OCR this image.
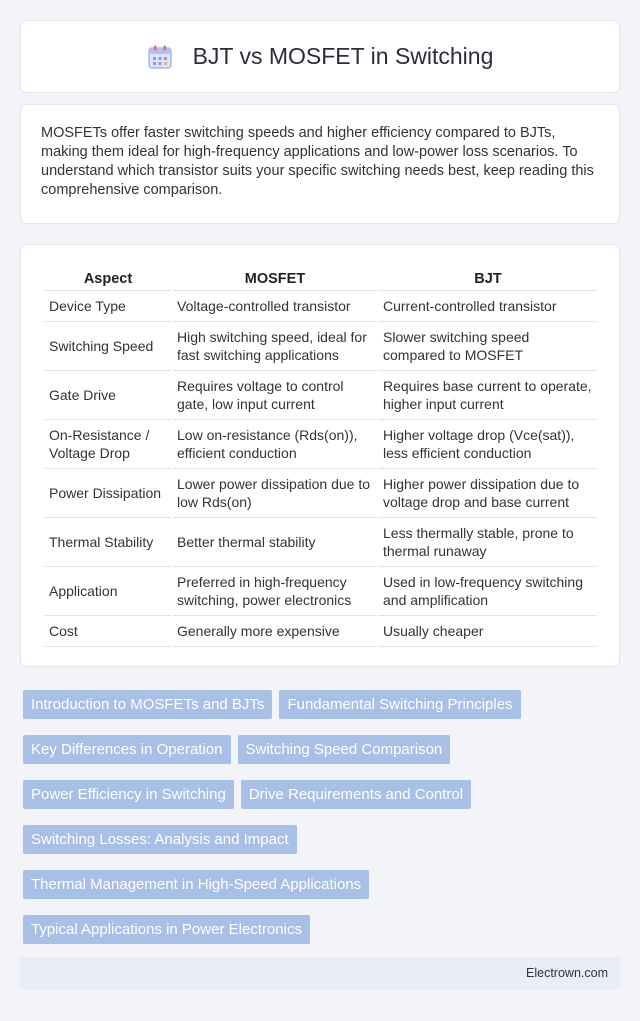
BJT vs MOSFET in Switching

MOSFETs offer faster switching speeds and higher efficiency compared to BJTs, making them ideal for high-frequency applications and low-power loss scenarios. To understand which transistor suits your specific switching needs best, keep reading this comprehensive comparison.

Aspect	MOSFET	BJT
Device Type	Voltage-controlled transistor	Current-controlled transistor
Switching Speed	High switching speed, ideal for fast switching applications	Slower switching speed compared to MOSFET
Gate Drive	Requires voltage to control gate, low input current	Requires base current to operate, higher input current
On-Resistance / Voltage Drop	Low on-resistance (Rds(on)), efficient conduction	Higher voltage drop (Vce(sat)), less efficient conduction
Power Dissipation	Lower power dissipation due to low Rds(on)	Higher power dissipation due to voltage drop and base current
Thermal Stability	Better thermal stability	Less thermally stable, prone to thermal runaway
Application	Preferred in high-frequency switching, power electronics	Used in low-frequency switching and amplification
Cost	Generally more expensive	Usually cheaper
Introduction to MOSFETs and BJTs	Fundamental Switching Principles
Key Differences in Operation	Switching Speed Comparison
Power Efficiency in Switching	Drive Requirements and Control
Switching Losses: Analysis and Impact
Thermal Management in High-Speed Applications
Typical Applications in Power Electronics
Electrown.com
